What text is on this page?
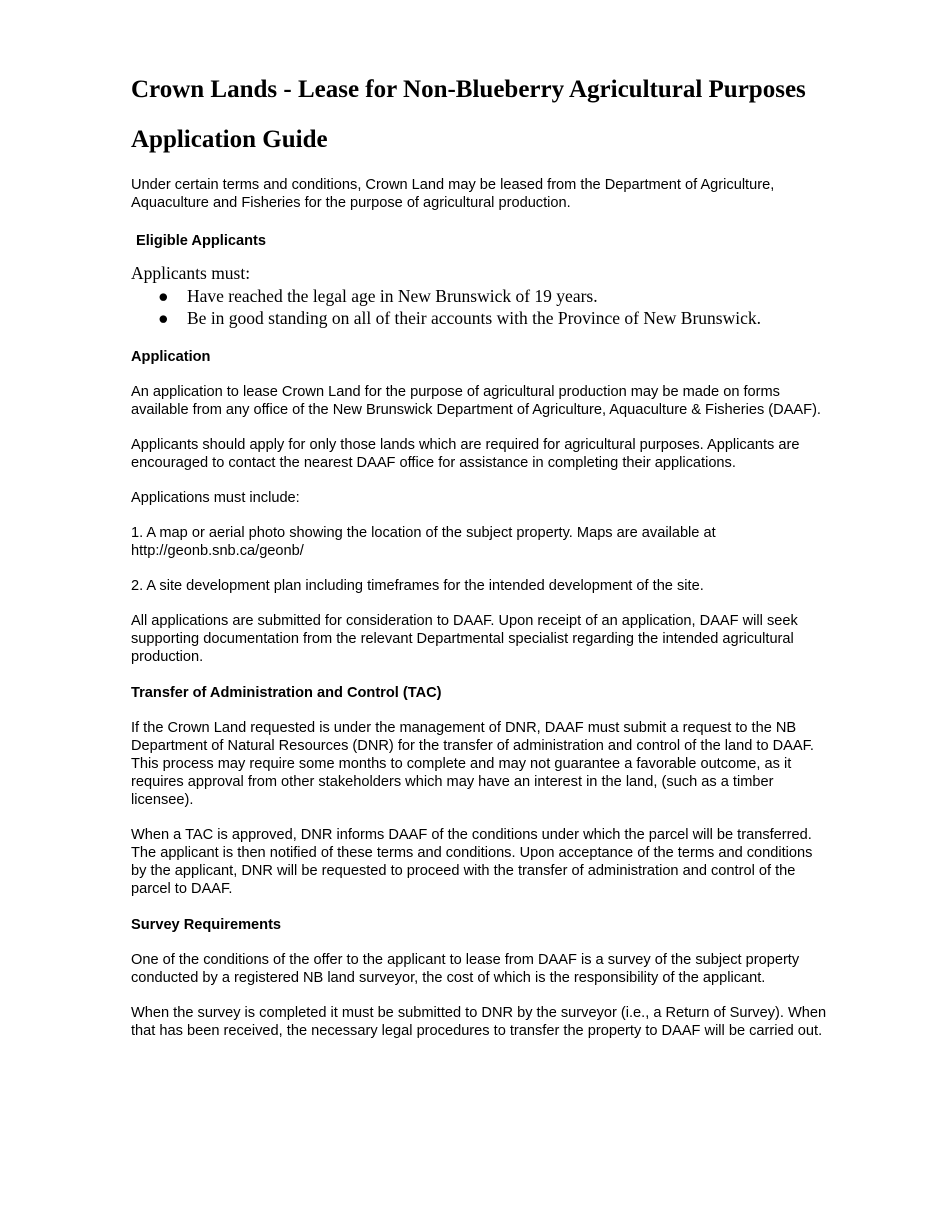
Crown Lands - Lease for Non-Blueberry Agricultural Purposes
Application Guide

Under certain terms and conditions, Crown Land may be leased from the Department of Agriculture, Aquaculture and Fisheries for the purpose of agricultural production.

Eligible Applicants
Applicants must:
● Have reached the legal age in New Brunswick of 19 years.
● Be in good standing on all of their accounts with the Province of New Brunswick.
Application

An application to lease Crown Land for the purpose of agricultural production may be made on forms available from any office of the New Brunswick Department of Agriculture, Aquaculture & Fisheries (DAAF).

Applicants should apply for only those lands which are required for agricultural purposes. Applicants are encouraged to contact the nearest DAAF office for assistance in completing their applications.

Applications must include:

1. A map or aerial photo showing the location of the subject property. Maps are available at http://geonb.snb.ca/geonb/

2. A site development plan including timeframes for the intended development of the site.

All applications are submitted for consideration to DAAF. Upon receipt of an application, DAAF will seek supporting documentation from the relevant Departmental specialist regarding the intended agricultural production.

Transfer of Administration and Control (TAC)

If the Crown Land requested is under the management of DNR, DAAF must submit a request to the NB Department of Natural Resources (DNR) for the transfer of administration and control of the land to DAAF. This process may require some months to complete and may not guarantee a favorable outcome, as it requires approval from other stakeholders which may have an interest in the land, (such as a timber licensee).

When a TAC is approved, DNR informs DAAF of the conditions under which the parcel will be transferred. The applicant is then notified of these terms and conditions. Upon acceptance of the terms and conditions by the applicant, DNR will be requested to proceed with the transfer of administration and control of the parcel to DAAF.

Survey Requirements

One of the conditions of the offer to the applicant to lease from DAAF is a survey of the subject property conducted by a registered NB land surveyor, the cost of which is the responsibility of the applicant.

When the survey is completed it must be submitted to DNR by the surveyor (i.e., a Return of Survey). When that has been received, the necessary legal procedures to transfer the property to DAAF will be carried out.
